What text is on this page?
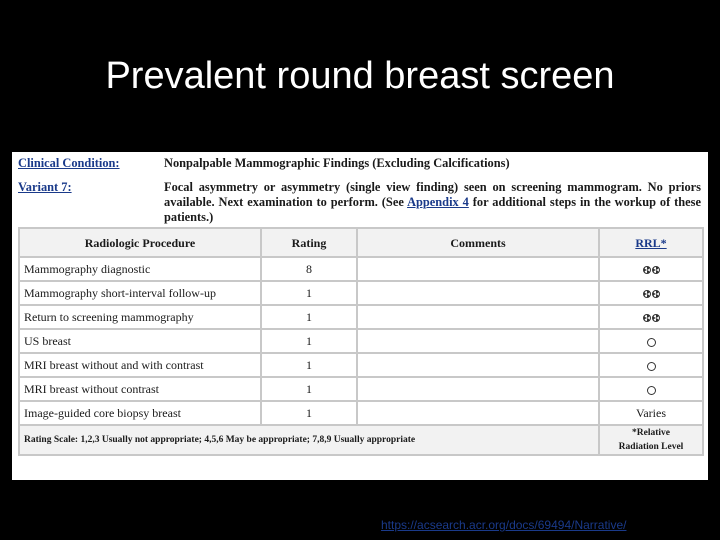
Prevalent round breast screen
Clinical Condition:	Nonpalpable Mammographic Findings (Excluding Calcifications)
Variant 7:	Focal asymmetry or asymmetry (single view finding) seen on screening mammogram. No priors available. Next examination to perform. (See Appendix 4 for additional steps in the workup of these patients.)
Radiologic Procedure	Rating	Comments	RRL*
Mammography diagnostic	8		
Mammography short-interval follow-up	1		
Return to screening mammography	1		
US breast	1		
MRI breast without and with contrast	1		
MRI breast without contrast	1		
Image-guided core biopsy breast	1		Varies
Rating Scale: 1,2,3 Usually not appropriate; 4,5,6 May be appropriate; 7,8,9 Usually appropriate			*Relative
Radiation Level
https://acsearch.acr.org/docs/69494/Narrative/
